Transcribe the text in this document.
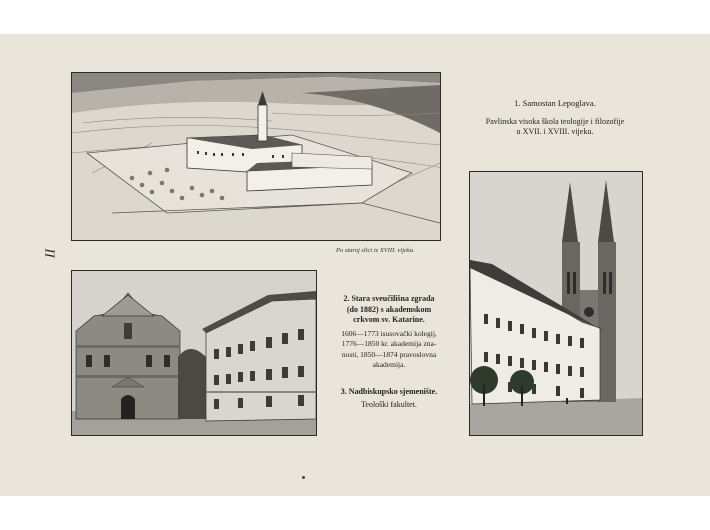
Po staroj slici iz XVIII. vijeka.
1. Samostan Lepoglava.
Pavlinska visoka škola teologije i filozofije
u XVII. i XVIII. vijeku.
II
2. Stara sveučilišna zgrada
(do 1882) s akademskom
crkvom sv. Katarine.
1606—1773 isusovački kolegij,
1776—1850 kr. akademija zna-
nosti, 1850—1874 pravoslovna
akademija.
3. Nadbiskupsko sjemenište.
Teološki fakultet.
